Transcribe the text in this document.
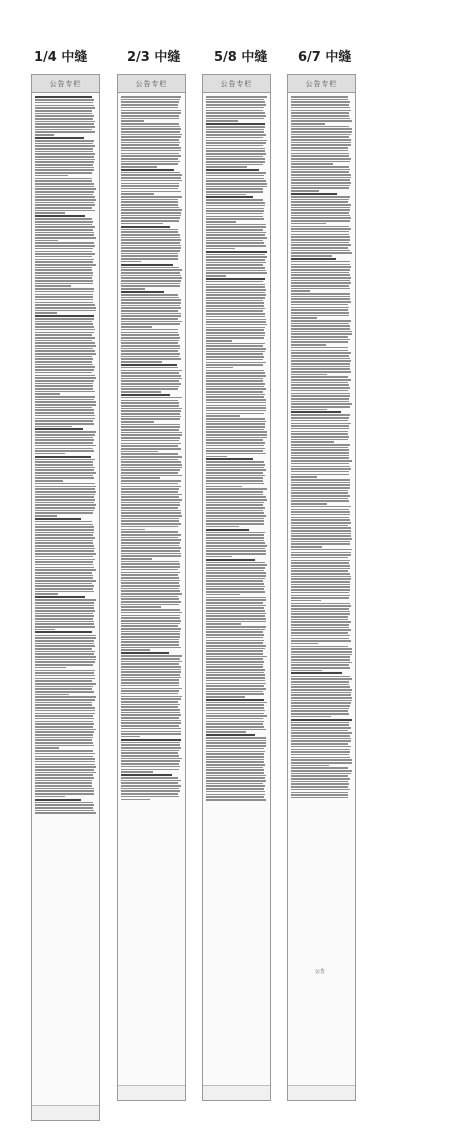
1/4 中缝	2/3 中缝	5/8 中缝 6/7 中缝
公告专栏	公告专栏	公告专栏	公告专栏
公告
